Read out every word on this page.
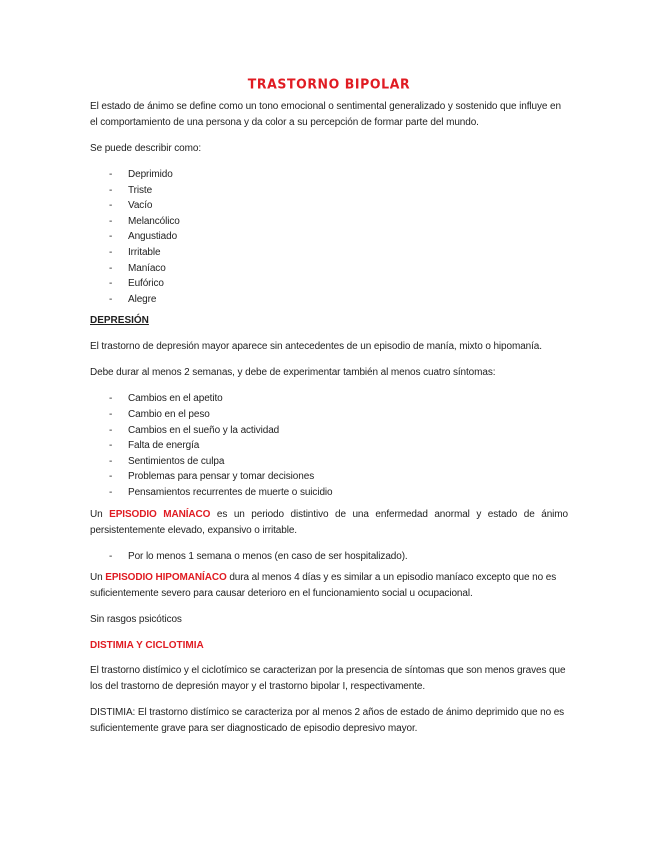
TRASTORNO BIPOLAR

El estado de ánimo se define como un tono emocional o sentimental generalizado y sostenido que influye en el comportamiento de una persona y da color a su percepción de formar parte del mundo.

Se puede describir como:

- Deprimido
- Triste
- Vacío
- Melancólico
- Angustiado
- Irritable
- Maníaco
- Eufórico
- Alegre
DEPRESIÓN

El trastorno de depresión mayor aparece sin antecedentes de un episodio de manía, mixto o hipomanía.

Debe durar al menos 2 semanas, y debe de experimentar también al menos cuatro síntomas:

- Cambios en el apetito
- Cambio en el peso
- Cambios en el sueño y la actividad
- Falta de energía
- Sentimientos de culpa
- Problemas para pensar y tomar decisiones
- Pensamientos recurrentes de muerte o suicidio

Un EPISODIO MANÍACO es un periodo distintivo de una enfermedad anormal y estado de ánimo persistentemente elevado, expansivo o irritable.

- Por lo menos 1 semana o menos (en caso de ser hospitalizado).

Un EPISODIO HIPOMANÍACO dura al menos 4 días y es similar a un episodio maníaco excepto que no es suficientemente severo para causar deterioro en el funcionamiento social u ocupacional.

Sin rasgos psicóticos

DISTIMIA Y CICLOTIMIA

El trastorno distímico y el ciclotímico se caracterizan por la presencia de síntomas que son menos graves que los del trastorno de depresión mayor y el trastorno bipolar I, respectivamente.

DISTIMIA: El trastorno distímico se caracteriza por al menos 2 años de estado de ánimo deprimido que no es suficientemente grave para ser diagnosticado de episodio depresivo mayor.
